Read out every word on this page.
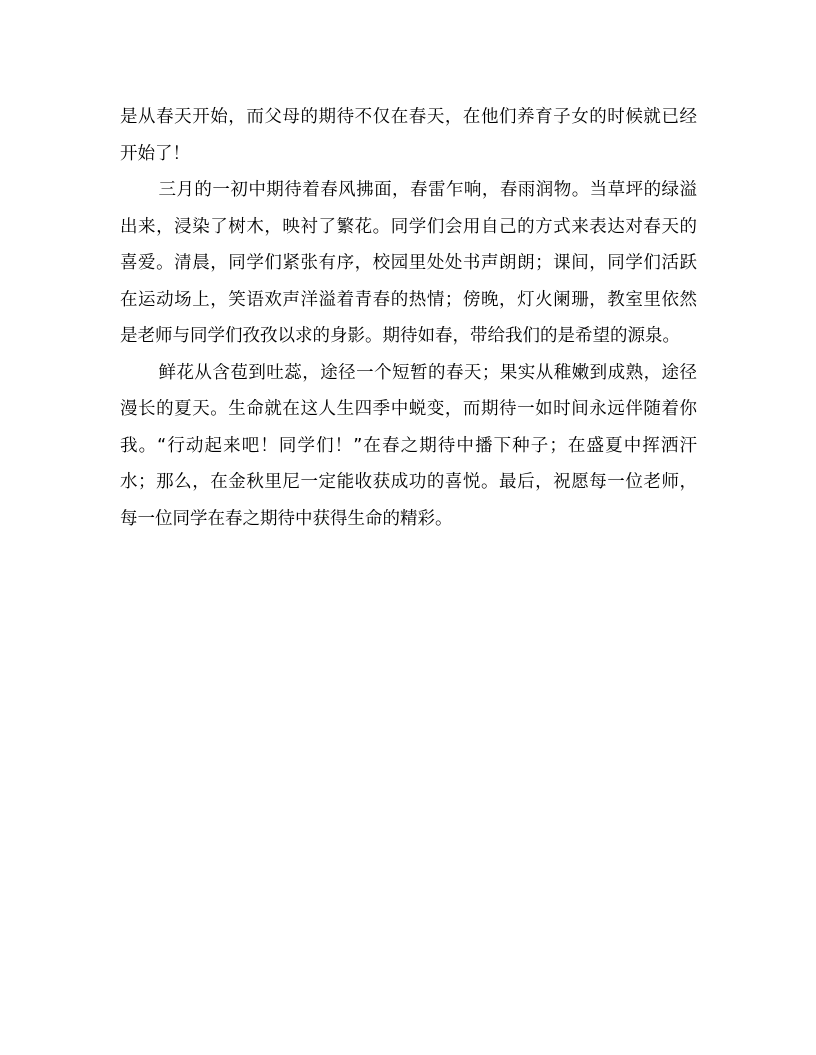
是从春天开始，而父母的期待不仅在春天，在他们养育子女的时候就已经开始了！

三月的一初中期待着春风拂面，春雷乍响，春雨润物。当草坪的绿溢出来，浸染了树木，映衬了繁花。同学们会用自己的方式来表达对春天的喜爱。清晨，同学们紧张有序，校园里处处书声朗朗；课间，同学们活跃在运动场上，笑语欢声洋溢着青春的热情；傍晚，灯火阑珊，教室里依然是老师与同学们孜孜以求的身影。期待如春，带给我们的是希望的源泉。

鲜花从含苞到吐蕊，途径一个短暂的春天；果实从稚嫩到成熟，途径漫长的夏天。生命就在这人生四季中蜕变，而期待一如时间永远伴随着你我。“行动起来吧！同学们！”在春之期待中播下种子；在盛夏中挥洒汗水；那么，在金秋里尼一定能收获成功的喜悦。最后，祝愿每一位老师，每一位同学在春之期待中获得生命的精彩。
